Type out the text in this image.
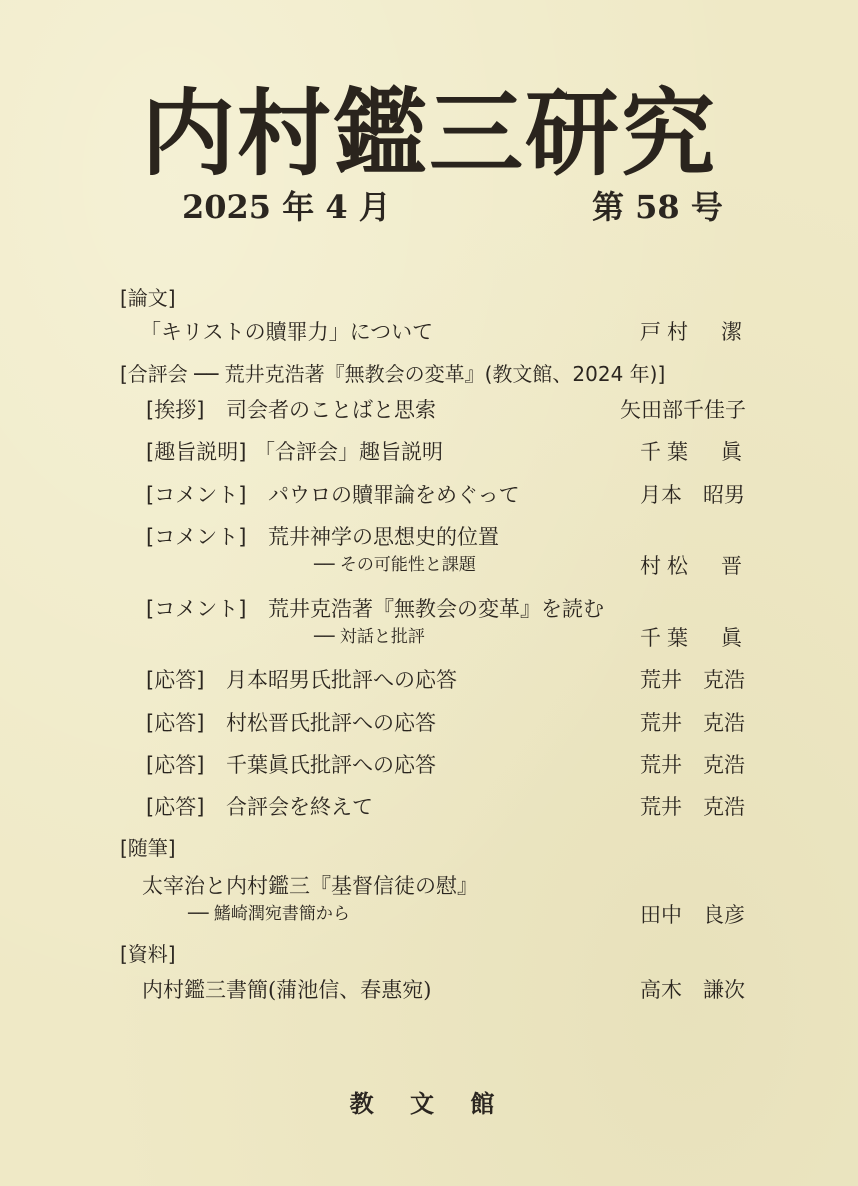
内村鑑三研究
2025 年 4 月	第 58 号
[論文]
「キリストの贖罪力」について	戸村　潔
[合評会 ── 荒井克浩著『無教会の変革』(教文館、2024 年)]
[挨拶] 司会者のことばと思索	矢田部千佳子
[趣旨説明] 「合評会」趣旨説明	千葉　眞
[コメント] パウロの贖罪論をめぐって	月本　昭男
[コメント] 荒井神学の思想史的位置
── その可能性と課題	村松　晋
[コメント] 荒井克浩著『無教会の変革』を読む
── 対話と批評	千葉　眞
[応答] 月本昭男氏批評への応答	荒井　克浩
[応答] 村松晋氏批評への応答	荒井　克浩
[応答] 千葉眞氏批評への応答	荒井　克浩
[応答] 合評会を終えて	荒井　克浩
[随筆]
太宰治と内村鑑三『基督信徒の慰』
── 鰭崎潤宛書簡から	田中　良彦
[資料]
内村鑑三書簡(蒲池信、春惠宛)	高木　謙次
教 文 館
